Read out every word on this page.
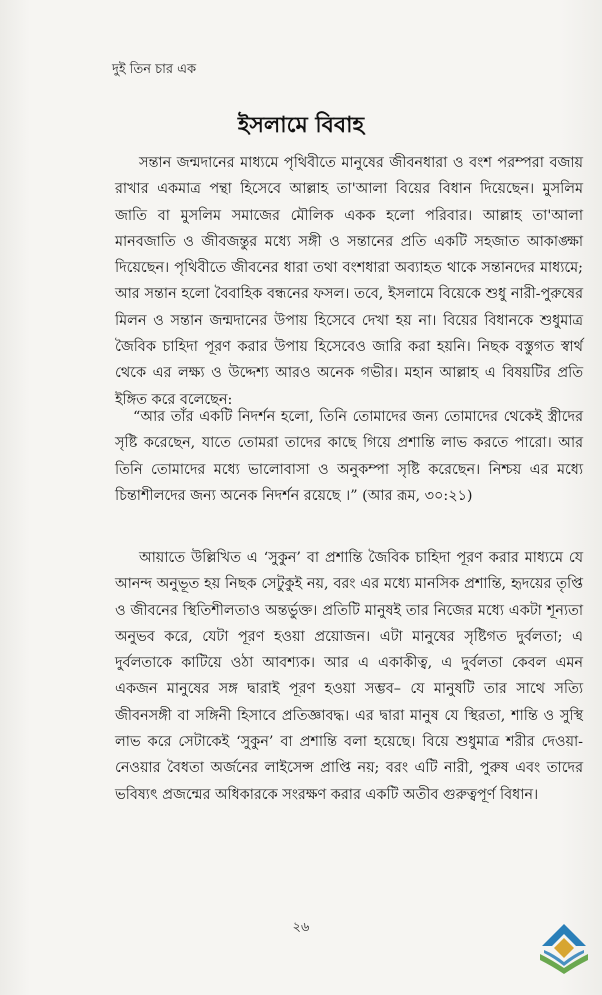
দুই তিন চার এক
ইসলামে বিবাহ

সন্তান জন্মদানের মাধ্যমে পৃথিবীতে মানুষের জীবনধারা ও বংশ পরম্পরা বজায় রাখার একমাত্র পন্থা হিসেবে আল্লাহ তা'আলা বিয়ের বিধান দিয়েছেন। মুসলিম জাতি বা মুসলিম সমাজের মৌলিক একক হলো পরিবার। আল্লাহ তা'আলা মানবজাতি ও জীবজন্তুর মধ্যে সঙ্গী ও সন্তানের প্রতি একটি সহজাত আকাঙ্ক্ষা দিয়েছেন। পৃথিবীতে জীবনের ধারা তথা বংশধারা অব্যাহত থাকে সন্তানদের মাধ্যমে; আর সন্তান হলো বৈবাহিক বন্ধনের ফসল। তবে, ইসলামে বিয়েকে শুধু নারী-পুরুষের মিলন ও সন্তান জন্মদানের উপায় হিসেবে দেখা হয় না। বিয়ের বিধানকে শুধুমাত্র জৈবিক চাহিদা পূরণ করার উপায় হিসেবেও জারি করা হয়নি। নিছক বস্তুগত স্বার্থ থেকে এর লক্ষ্য ও উদ্দেশ্য আরও অনেক গভীর। মহান আল্লাহ এ বিষয়টির প্রতি ইঙ্গিত করে বলেছেন:

“আর তাঁর একটি নিদর্শন হলো, তিনি তোমাদের জন্য তোমাদের থেকেই স্ত্রীদের সৃষ্টি করেছেন, যাতে তোমরা তাদের কাছে গিয়ে প্রশান্তি লাভ করতে পারো। আর তিনি তোমাদের মধ্যে ভালোবাসা ও অনুকম্পা সৃষ্টি করেছেন। নিশ্চয় এর মধ্যে চিন্তাশীলদের জন্য অনেক নিদর্শন রয়েছে ।” (আর রূম, ৩০:২১)

আয়াতে উল্লিখিত এ ‘সুকুন’ বা প্রশান্তি জৈবিক চাহিদা পূরণ করার মাধ্যমে যে আনন্দ অনুভূত হয় নিছক সেটুকুই নয়, বরং এর মধ্যে মানসিক প্রশান্তি, হৃদয়ের তৃপ্তি ও জীবনের স্থিতিশীলতাও অন্তর্ভুক্ত। প্রতিটি মানুষই তার নিজের মধ্যে একটা শূন্যতা অনুভব করে, যেটা পূরণ হওয়া প্রয়োজন। এটা মানুষের সৃষ্টিগত দুর্বলতা; এ দুর্বলতাকে কাটিয়ে ওঠা আবশ্যক। আর এ একাকীত্ব, এ দুর্বলতা কেবল এমন একজন মানুষের সঙ্গ দ্বারাই পূরণ হওয়া সম্ভব– যে মানুষটি তার সাথে সত্যি জীবনসঙ্গী বা সঙ্গিনী হিসাবে প্রতিজ্ঞাবদ্ধ। এর দ্বারা মানুষ যে স্থিরতা, শান্তি ও সুস্থি লাভ করে সেটাকেই ‘সুকুন’ বা প্রশান্তি বলা হয়েছে। বিয়ে শুধুমাত্র শরীর দেওয়া-নেওয়ার বৈধতা অর্জনের লাইসেন্স প্রাপ্তি নয়; বরং এটি নারী, পুরুষ এবং তাদের ভবিষ্যৎ প্রজন্মের অধিকারকে সংরক্ষণ করার একটি অতীব গুরুত্বপূর্ণ বিধান।

২৬
